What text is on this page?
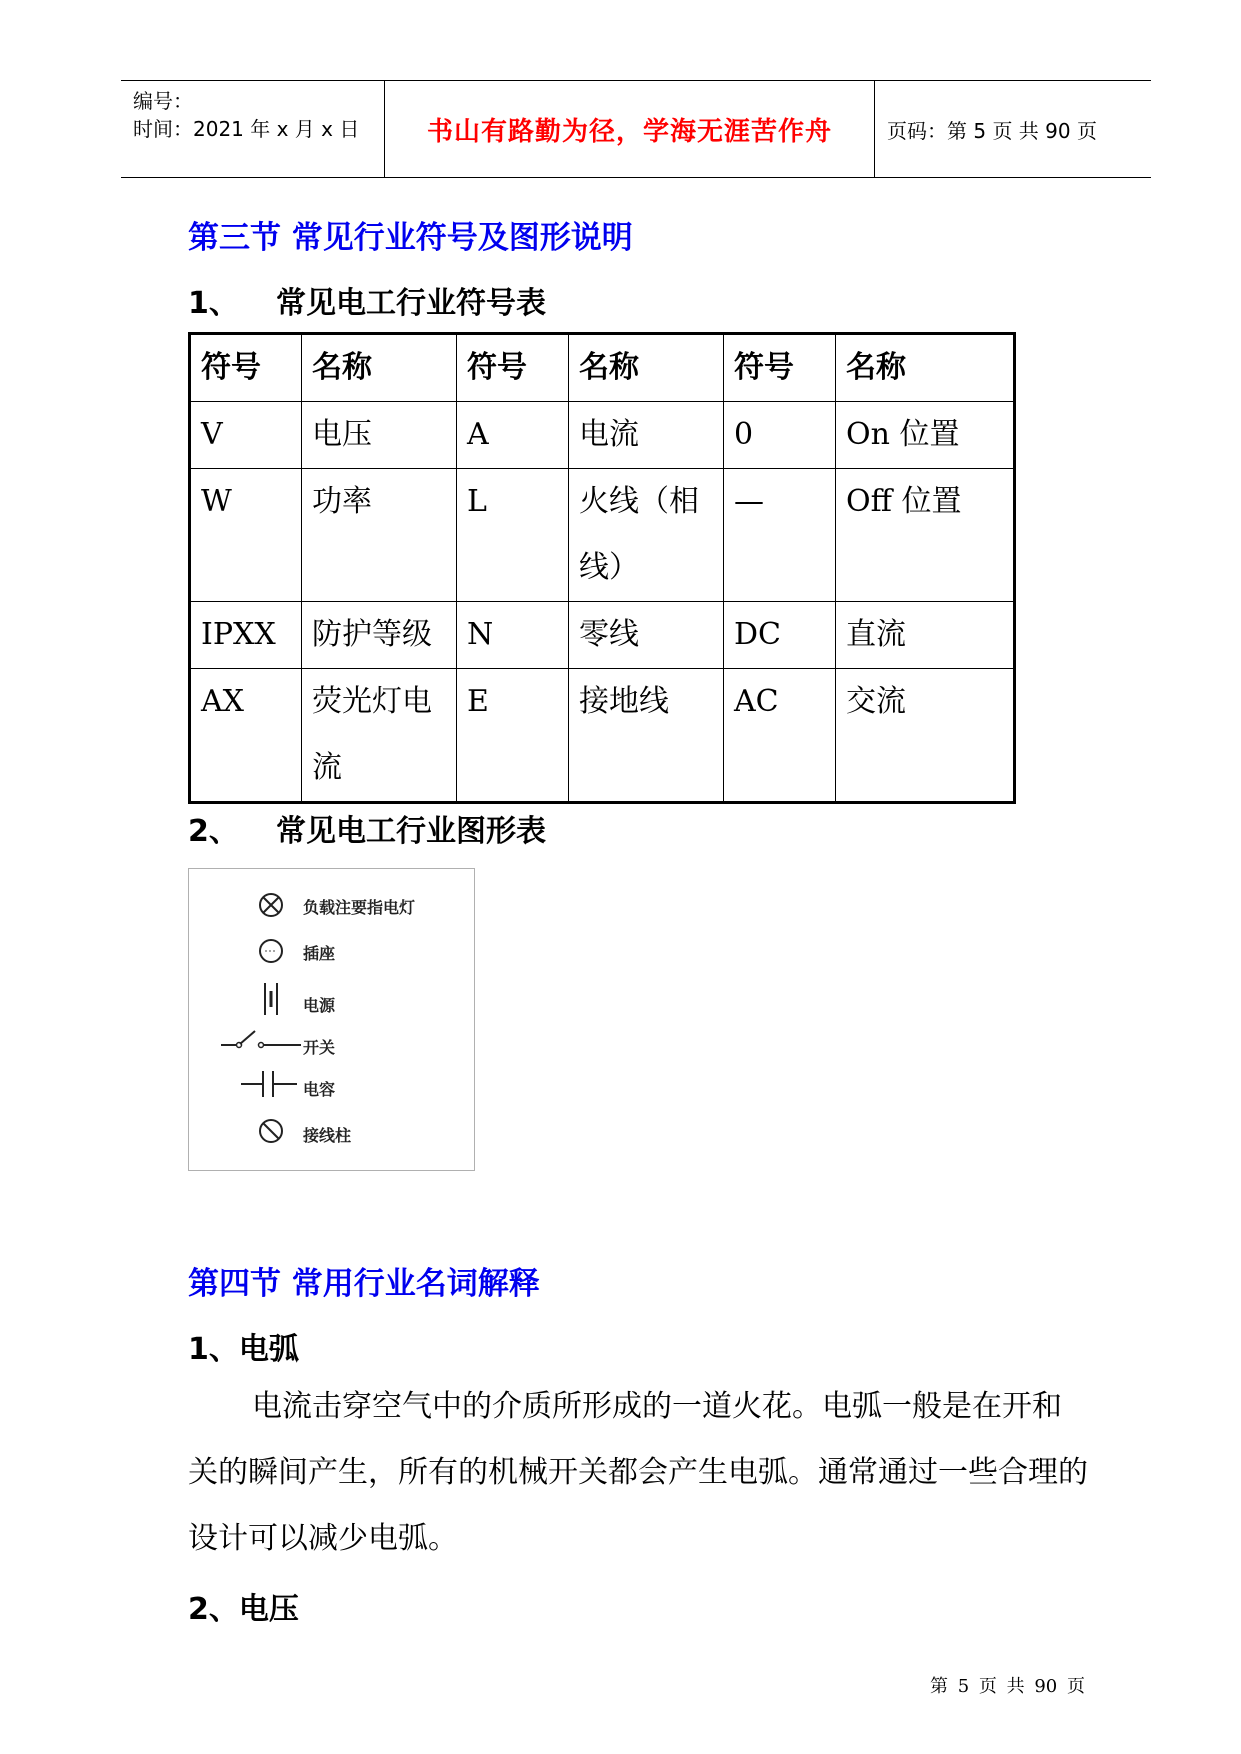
编号：
时间：2021 年 x 月 x 日	书山有路勤为径，学海无涯苦作舟	页码：第 5 页 共 90 页
第三节 常见行业符号及图形说明
1、 常见电工行业符号表
符号	名称	符号	名称	符号	名称
V	电压	A	电流	0	On 位置
W	功率	L	火线（相线）	—	Off 位置
IPXX	防护等级	N	零线	DC	直流
AX	荧光灯电流	E	接地线	AC	交流
2、 常见电工行业图形表
负载注要指电灯
插座
电源
开关
电容
接线柱
第四节 常用行业名词解释
1、电弧
电流击穿空气中的介质所形成的一道火花。电弧一般是在开和关的瞬间产生，所有的机械开关都会产生电弧。通常通过一些合理的设计可以减少电弧。
2、电压
第 5 页 共 90 页
